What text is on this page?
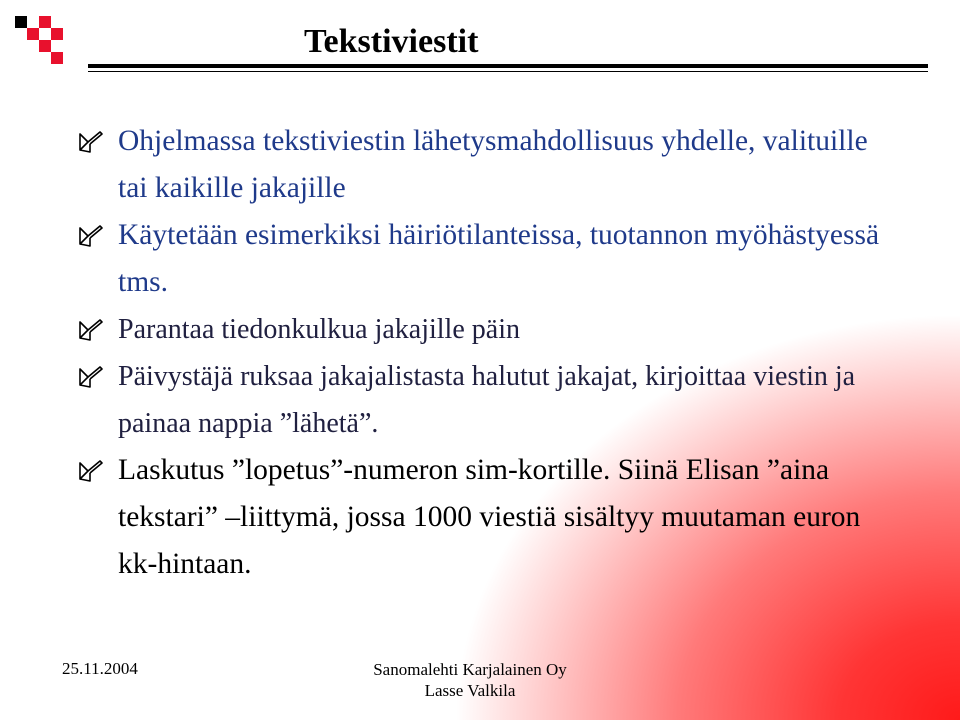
Tekstiviestit
Ohjelmassa tekstiviestin lähetysmahdollisuus yhdelle, valituille tai kaikille jakajille
Käytetään esimerkiksi häiriötilanteissa, tuotannon myöhästyessä tms.
Parantaa tiedonkulkua jakajille päin
Päivystäjä ruksaa jakajalistasta halutut jakajat, kirjoittaa viestin ja painaa nappia ”lähetä”.
Laskutus ”lopetus”-numeron sim-kortille. Siinä Elisan ”aina tekstari” –liittymä, jossa 1000 viestiä sisältyy muutaman euron kk-hintaan.
25.11.2004	Sanomalehti Karjalainen Oy
Lasse Valkila
